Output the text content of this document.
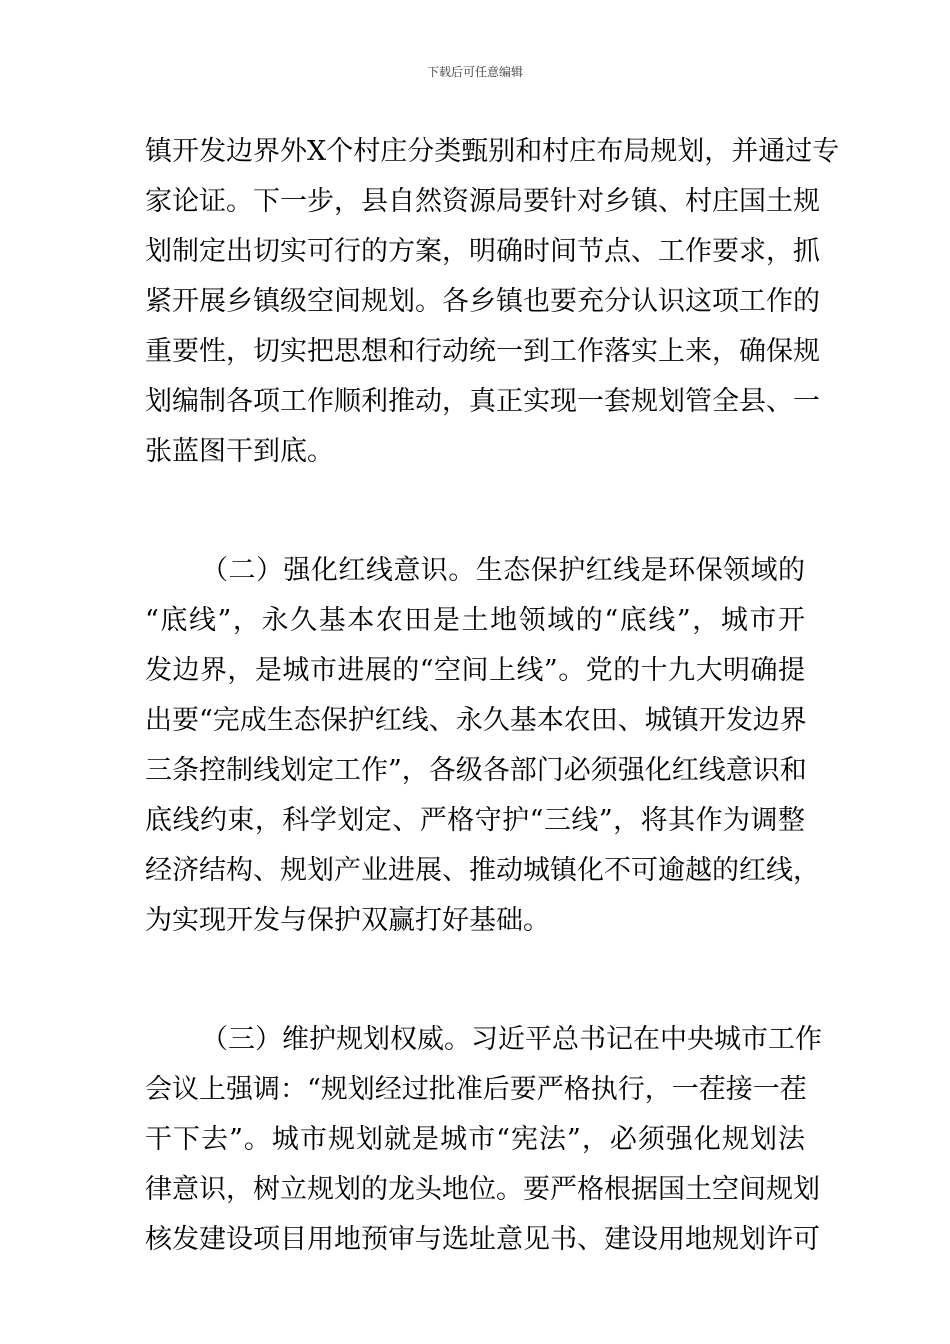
下载后可任意编辑
镇开发边界外X个村庄分类甄别和村庄布局规划，并通过专
家论证。下一步，县自然资源局要针对乡镇、村庄国土规
划制定出切实可行的方案，明确时间节点、工作要求，抓
紧开展乡镇级空间规划。各乡镇也要充分认识这项工作的
重要性，切实把思想和行动统一到工作落实上来，确保规
划编制各项工作顺利推动，真正实现一套规划管全县、一
张蓝图干到底。
（二）强化红线意识。生态保护红线是环保领域的
“底线”，永久基本农田是土地领域的“底线”，城市开
发边界，是城市进展的“空间上线”。党的十九大明确提
出要“完成生态保护红线、永久基本农田、城镇开发边界
三条控制线划定工作”，各级各部门必须强化红线意识和
底线约束，科学划定、严格守护“三线”，将其作为调整
经济结构、规划产业进展、推动城镇化不可逾越的红线，
为实现开发与保护双赢打好基础。
（三）维护规划权威。习近平总书记在中央城市工作
会议上强调：“规划经过批准后要严格执行，一茬接一茬
干下去”。城市规划就是城市“宪法”，必须强化规划法
律意识，树立规划的龙头地位。要严格根据国土空间规划
核发建设项目用地预审与选址意见书、建设用地规划许可
